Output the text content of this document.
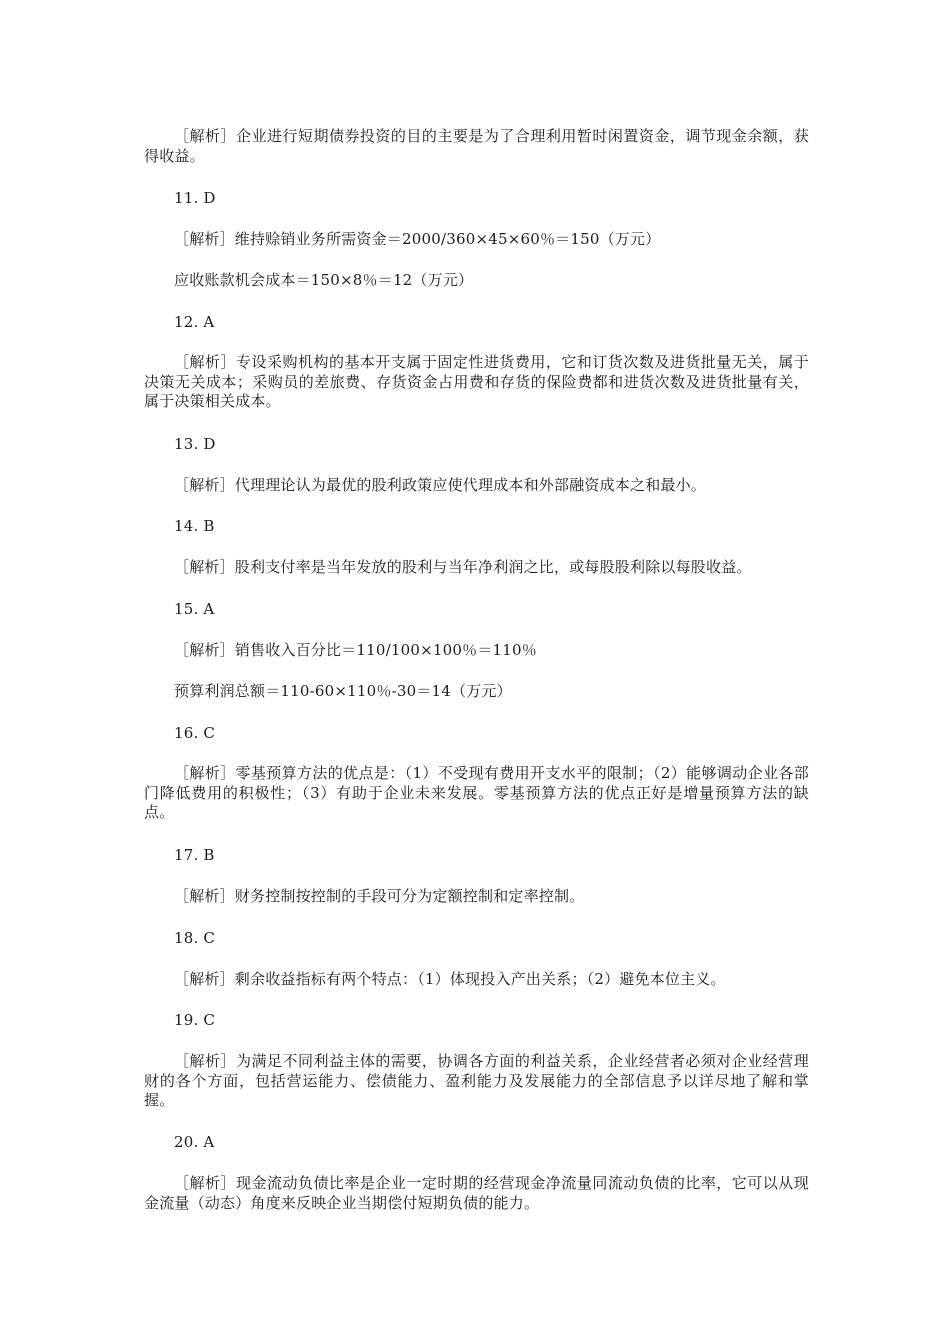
［解析］企业进行短期债券投资的目的主要是为了合理利用暂时闲置资金，调节现金余额，获得收益。
11. D
［解析］维持赊销业务所需资金＝2000/360×45×60％＝150（万元）
应收账款机会成本＝150×8％＝12（万元）
12. A
［解析］专设采购机构的基本开支属于固定性进货费用，它和订货次数及进货批量无关，属于决策无关成本；采购员的差旅费、存货资金占用费和存货的保险费都和进货次数及进货批量有关，属于决策相关成本。
13. D
［解析］代理理论认为最优的股利政策应使代理成本和外部融资成本之和最小。
14. B
［解析］股利支付率是当年发放的股利与当年净利润之比，或每股股利除以每股收益。
15. A
［解析］销售收入百分比＝110/100×100％＝110％
预算利润总额＝110-60×110％-30＝14（万元）
16. C
［解析］零基预算方法的优点是：（1）不受现有费用开支水平的限制；（2）能够调动企业各部门降低费用的积极性；（3）有助于企业未来发展。零基预算方法的优点正好是增量预算方法的缺点。
17. B
［解析］财务控制按控制的手段可分为定额控制和定率控制。
18. C
［解析］剩余收益指标有两个特点：（1）体现投入产出关系；（2）避免本位主义。
19. C
［解析］为满足不同利益主体的需要，协调各方面的利益关系，企业经营者必须对企业经营理财的各个方面，包括营运能力、偿债能力、盈利能力及发展能力的全部信息予以详尽地了解和掌握。
20. A
［解析］现金流动负债比率是企业一定时期的经营现金净流量同流动负债的比率，它可以从现金流量（动态）角度来反映企业当期偿付短期负债的能力。
